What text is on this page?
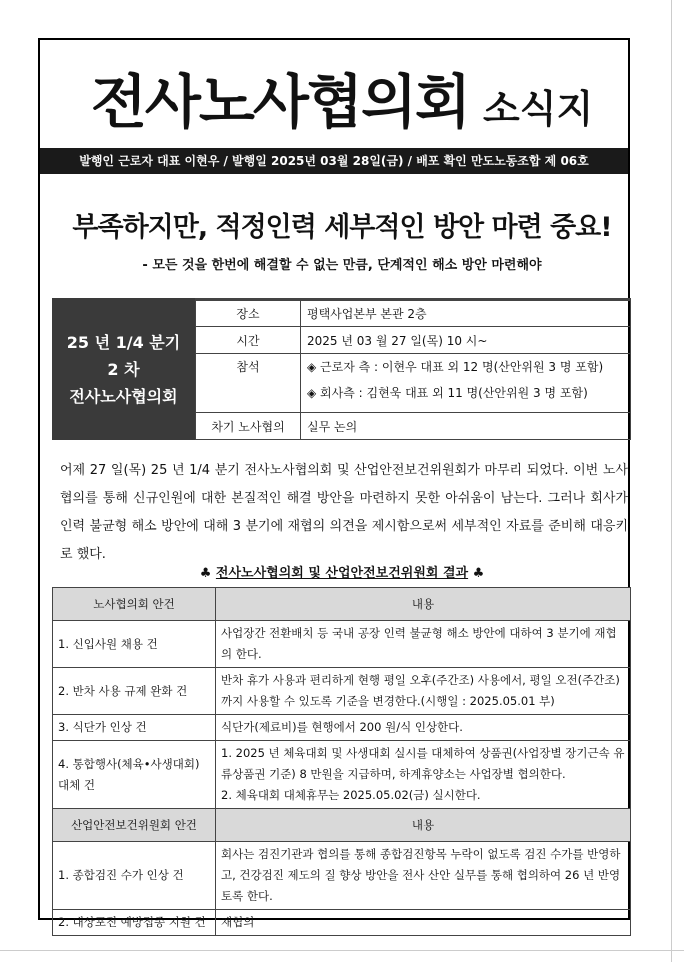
전사노사협의회 소식지
발행인 근로자 대표 이현우 / 발행일 2025년 03월 28일(금) / 배포 확인 만도노동조합 제 06호
부족하지만, 적정인력 세부적인 방안 마련 중요!
- 모든 것을 한번에 해결할 수 없는 만큼, 단계적인 해소 방안 마련해야
25 년 1/4 분기
2 차
전사노사협의회
장소	평택사업본부 본관 2층
시간	2025 년 03 월 27 일(목) 10 시~

참석	◈ 근로자 측 : 이현우 대표 외 12 명(산안위원 3 명 포함)
◈ 회사측 : 김현욱 대표 외 11 명(산안위원 3 명 포함)

차기 노사협의	실무 논의
어제 27 일(목) 25 년 1/4 분기 전사노사협의회 및 산업안전보건위원회가 마무리 되었다. 이번 노사협의를 통해 신규인원에 대한 본질적인 해결 방안을 마련하지 못한 아쉬움이 남는다. 그러나 회사가 인력 불균형 해소 방안에 대해 3 분기에 재협의 의견을 제시함으로써 세부적인 자료를 준비해 대응키로 했다.
♣ 전사노사협의회 및 산업안전보건위원회 결과 ♣
노사협의회 안건	내용
1. 신입사원 채용 건	사업장간 전환배치 등 국내 공장 인력 불균형 해소 방안에 대하여 3 분기에 재협의 한다.
2. 반차 사용 규제 완화 건	반차 휴가 사용과 편리하게 현행 평일 오후(주간조) 사용에서, 평일 오전(주간조)까지 사용할 수 있도록 기준을 변경한다.(시행일 : 2025.05.01 부)
3. 식단가 인상 건	식단가(제료비)를 현행에서 200 원/식 인상한다.
4. 통합행사(체육•사생대회) 대체 건	1. 2025 년 체육대회 및 사생대회 실시를 대체하여 상품권(사업장별 장기근속 유류상품권 기준) 8 만원을 지급하며, 하계휴양소는 사업장별 협의한다.
2. 체육대회 대체휴무는 2025.05.02(금) 실시한다.

산업안전보건위원회 안건	내용
1. 종합검진 수가 인상 건	회사는 검진기관과 협의를 통해 종합검진항목 누락이 없도록 검진 수가를 반영하고, 건강검진 제도의 질 향상 방안을 전사 산안 실무를 통해 협의하여 26 년 반영토록 한다.
2. 대상포진 예방접종 지원 건	재협의
